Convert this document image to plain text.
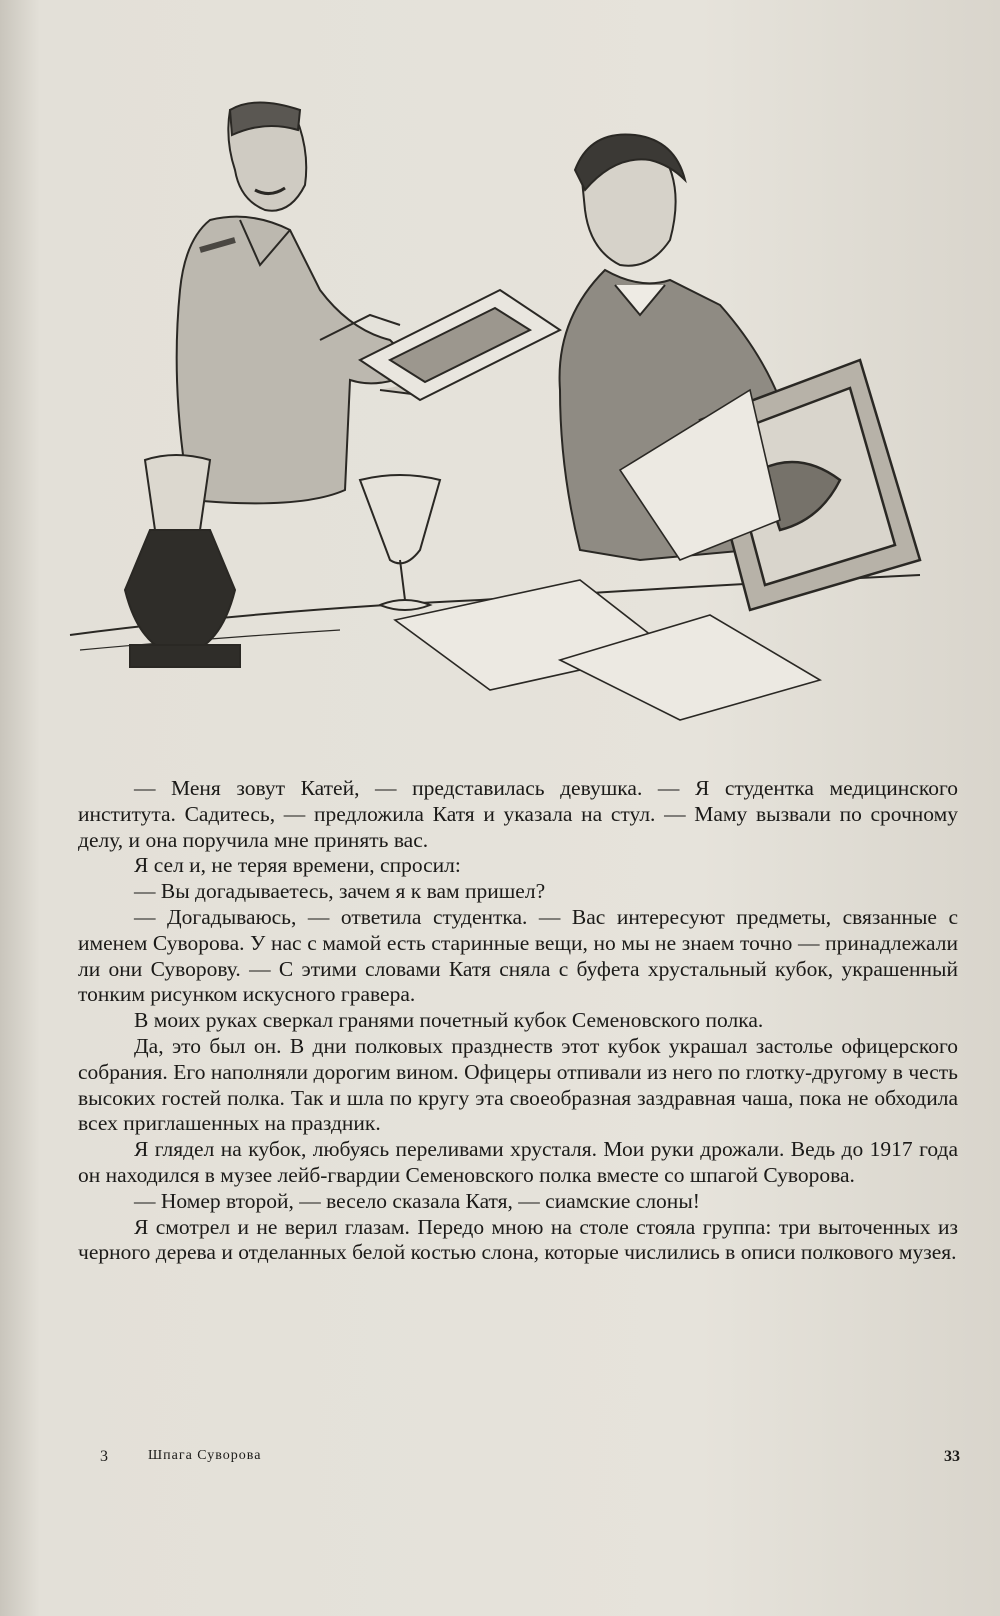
— Меня зовут Катей, — представилась девушка. — Я студентка медицинского института. Садитесь, — предложила Катя и указала на стул. — Маму вызвали по срочному делу, и она поручила мне принять вас.

Я сел и, не теряя времени, спросил:

— Вы догадываетесь, зачем я к вам пришел?

— Догадываюсь, — ответила студентка. — Вас интересуют предметы, связанные с именем Суворова. У нас с мамой есть старинные вещи, но мы не знаем точно — принадлежали ли они Суворову. — С этими словами Катя сняла с буфета хрустальный кубок, украшенный тонким рисунком искусного гравера.

В моих руках сверкал гранями почетный кубок Семеновского полка.

Да, это был он. В дни полковых празднеств этот кубок украшал застолье офицерского собрания. Его наполняли дорогим вином. Офицеры отпивали из него по глотку-другому в честь высоких гостей полка. Так и шла по кругу эта своеобразная заздравная чаша, пока не обходила всех приглашенных на праздник.

Я глядел на кубок, любуясь переливами хрусталя. Мои руки дрожали. Ведь до 1917 года он находился в музее лейб-гвардии Семеновского полка вместе со шпагой Суворова.

— Номер второй, — весело сказала Катя, — сиамские слоны!

Я смотрел и не верил глазам. Передо мною на столе стояла группа: три выточенных из черного дерева и отделанных белой костью слона, которые числились в описи полкового музея.

3	Шпага Суворова	33
